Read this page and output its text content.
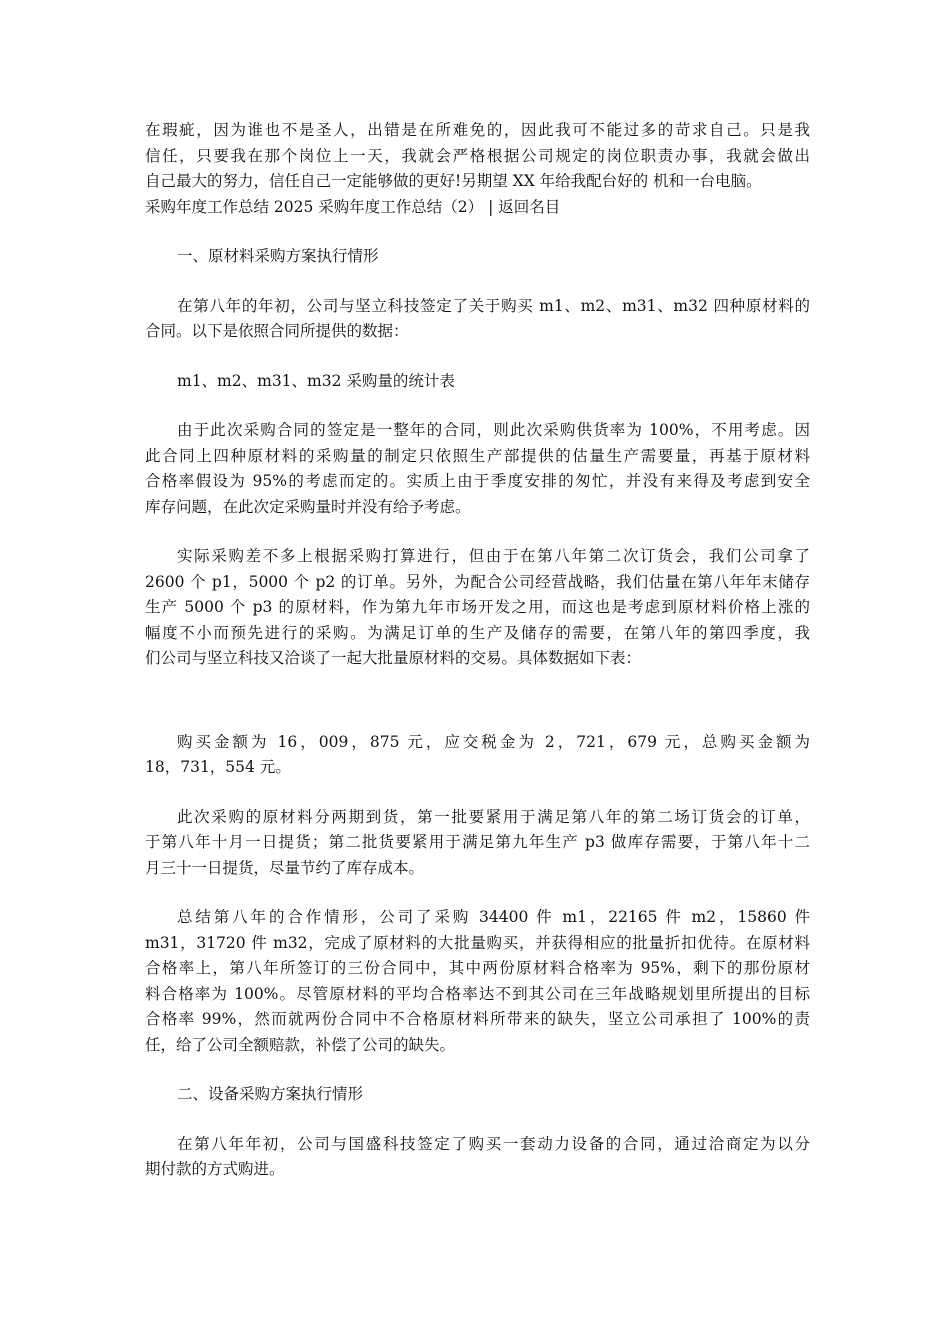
在瑕疵，因为谁也不是圣人，出错是在所难免的，因此我可不能过多的苛求自己。只是我
信任，只要我在那个岗位上一天，我就会严格根据公司规定的岗位职责办事，我就会做出
自己最大的努力，信任自己一定能够做的更好!另期望 XX 年给我配台好的 机和一台电脑。
采购年度工作总结 2025 采购年度工作总结（2） | 返回名目
一、原材料采购方案执行情形
在第八年的年初，公司与坚立科技签定了关于购买 m1、m2、m31、m32 四种原材料的
合同。以下是依照合同所提供的数据：
m1、m2、m31、m32 采购量的统计表
由于此次采购合同的签定是一整年的合同，则此次采购供货率为 100%，不用考虑。因
此合同上四种原材料的采购量的制定只依照生产部提供的估量生产需要量，再基于原材料
合格率假设为 95%的考虑而定的。实质上由于季度安排的匆忙，并没有来得及考虑到安全
库存问题，在此次定采购量时并没有给予考虑。
实际采购差不多上根据采购打算进行，但由于在第八年第二次订货会，我们公司拿了
2600 个 p1，5000 个 p2 的订单。另外，为配合公司经营战略，我们估量在第八年年末储存
生产 5000 个 p3 的原材料，作为第九年市场开发之用，而这也是考虑到原材料价格上涨的
幅度不小而预先进行的采购。为满足订单的生产及储存的需要，在第八年的第四季度，我
们公司与坚立科技又洽谈了一起大批量原材料的交易。具体数据如下表：
购买金额为 16，009，875 元，应交税金为 2，721，679 元，总购买金额为
18，731，554 元。
此次采购的原材料分两期到货，第一批要紧用于满足第八年的第二场订货会的订单，
于第八年十月一日提货；第二批货要紧用于满足第九年生产 p3 做库存需要，于第八年十二
月三十一日提货，尽量节约了库存成本。
总结第八年的合作情形，公司了采购 34400 件 m1，22165 件 m2，15860 件
m31，31720 件 m32，完成了原材料的大批量购买，并获得相应的批量折扣优待。在原材料
合格率上，第八年所签订的三份合同中，其中两份原材料合格率为 95%，剩下的那份原材
料合格率为 100%。尽管原材料的平均合格率达不到其公司在三年战略规划里所提出的目标
合格率 99%，然而就两份合同中不合格原材料所带来的缺失，坚立公司承担了 100%的责
任，给了公司全额赔款，补偿了公司的缺失。
二、设备采购方案执行情形
在第八年年初，公司与国盛科技签定了购买一套动力设备的合同，通过洽商定为以分
期付款的方式购进。
